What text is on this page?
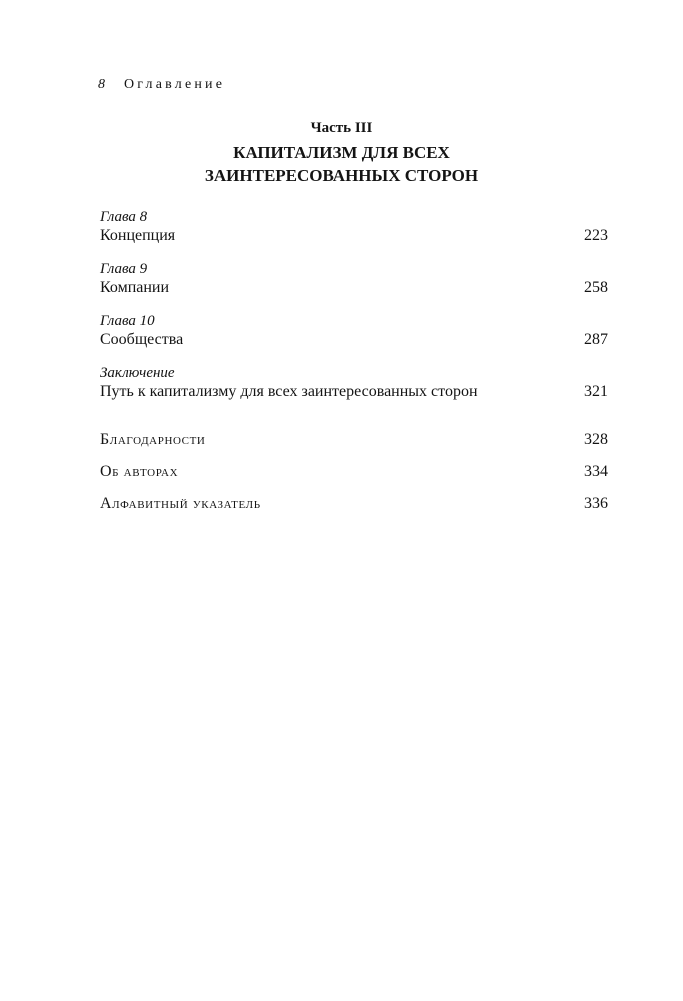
8 Оглавление
Часть III
КАПИТАЛИЗМ ДЛЯ ВСЕХ
ЗАИНТЕРЕСОВАННЫХ СТОРОН
Глава 8
Концепция	223
Глава 9
Компании	258
Глава 10
Сообщества	287
Заключение
Путь к капитализму для всех заинтересованных сторон	321
Благодарности	328
Об авторах	334
Алфавитный указатель	336
